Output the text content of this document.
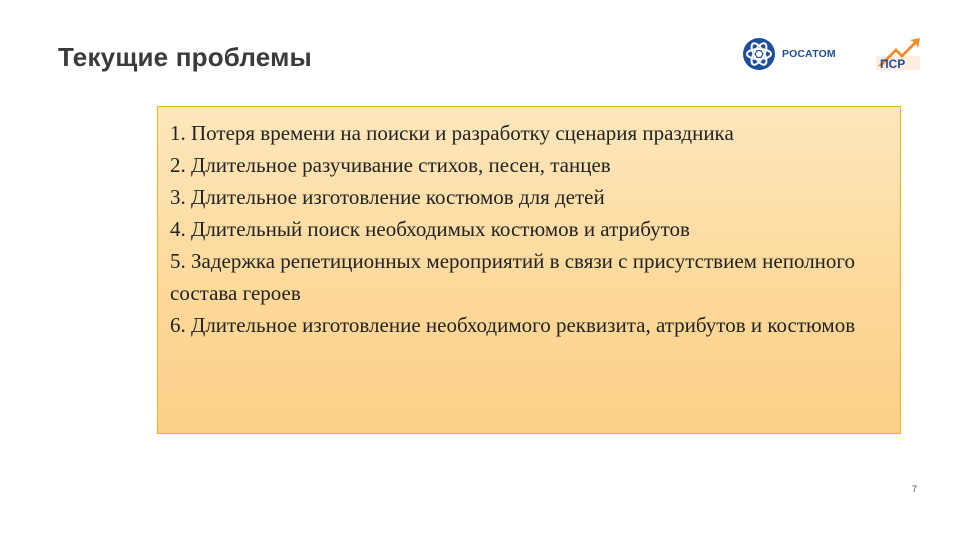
Текущие проблемы	РОСАТОМ
ПСР
1. Потеря времени на поиски и разработку сценария праздника
2. Длительное разучивание стихов, песен, танцев
3. Длительное изготовление костюмов для детей
4. Длительный поиск необходимых костюмов и атрибутов
5. Задержка репетиционных мероприятий в связи с присутствием неполного состава героев
6. Длительное изготовление необходимого реквизита, атрибутов и костюмов
7
